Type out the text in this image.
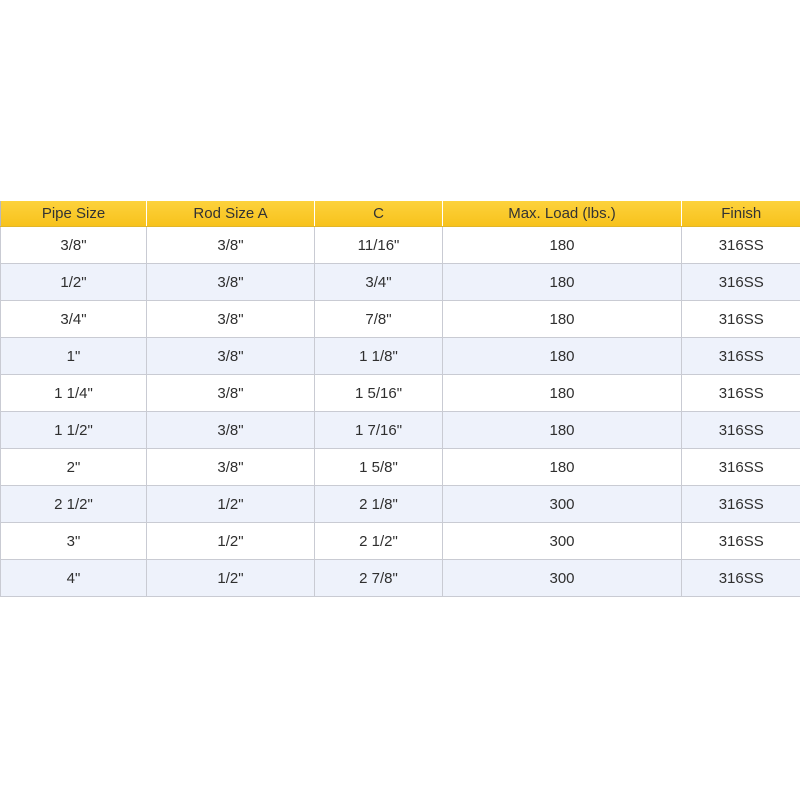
Pipe Size	Rod Size A	C	Max. Load (lbs.)	Finish
3/8"	3/8"	11/16"	180	316SS
1/2"	3/8"	3/4"	180	316SS
3/4"	3/8"	7/8"	180	316SS
1"	3/8"	1 1/8"	180	316SS
1 1/4"	3/8"	1 5/16"	180	316SS
1 1/2"	3/8"	1 7/16"	180	316SS
2"	3/8"	1 5/8"	180	316SS
2 1/2"	1/2"	2 1/8"	300	316SS
3"	1/2"	2 1/2"	300	316SS
4"	1/2"	2 7/8"	300	316SS
